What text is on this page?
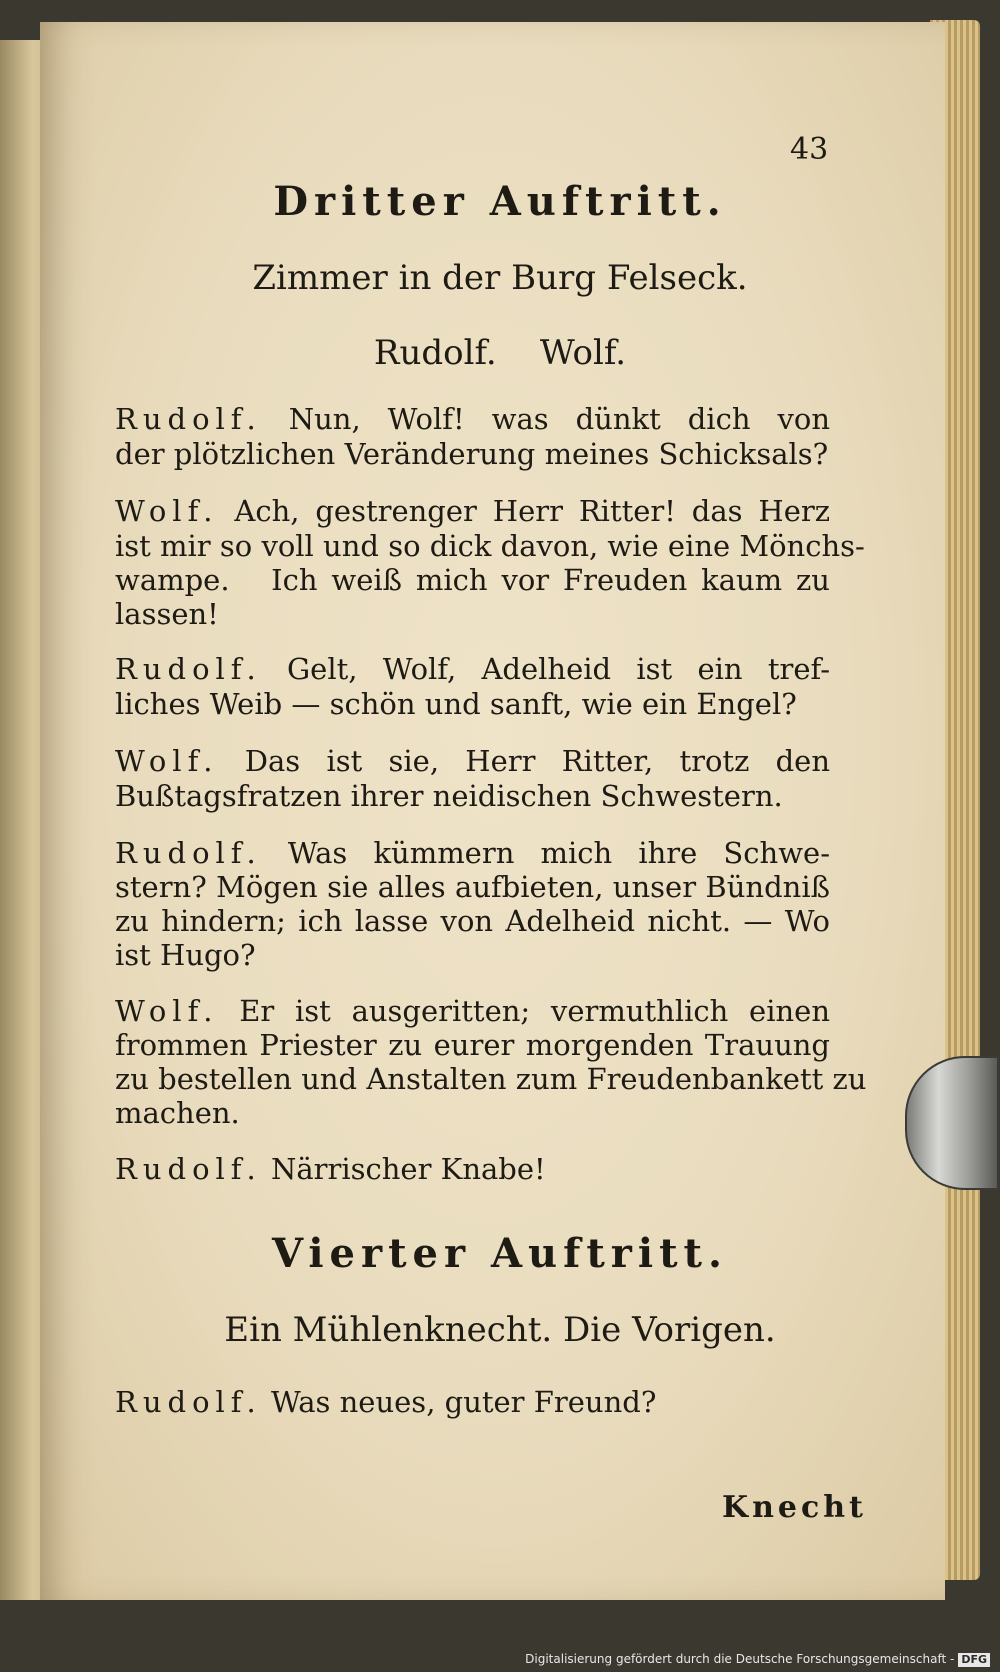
43
Dritter Auftritt.
Zimmer in der Burg Felseck.
Rudolf.    Wolf.
Rudolf. Nun, Wolf! was dünkt dich von
der plötzlichen Veränderung meines Schicksals?
Wolf. Ach, gestrenger Herr Ritter! das Herz
ist mir so voll und so dick davon, wie eine Mönchs-
wampe.   Ich weiß mich vor Freuden kaum zu
lassen!
Rudolf. Gelt, Wolf, Adelheid ist ein tref-
liches Weib — schön und sanft, wie ein Engel?
Wolf. Das ist sie, Herr Ritter, trotz den
Bußtagsfratzen ihrer neidischen Schwestern.
Rudolf. Was kümmern mich ihre Schwe-
stern? Mögen sie alles aufbieten, unser Bündniß
zu hindern; ich lasse von Adelheid nicht. — Wo
ist Hugo?
Wolf. Er ist ausgeritten; vermuthlich einen
frommen Priester zu eurer morgenden Trauung
zu bestellen und Anstalten zum Freudenbankett zu
machen.
Rudolf. Närrischer Knabe!
Vierter Auftritt.
Ein Mühlenknecht. Die Vorigen.
Rudolf. Was neues, guter Freund?
Knecht
Digitalisierung gefördert durch die Deutsche Forschungsgemeinschaft - DFG
